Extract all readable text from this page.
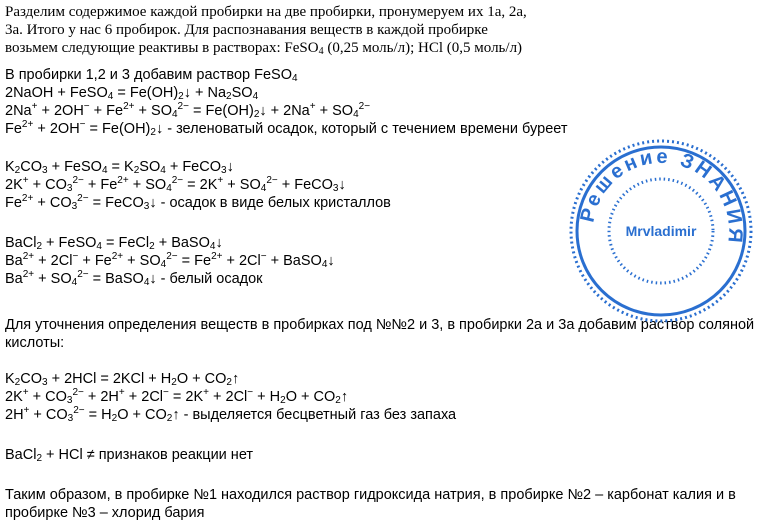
Разделим содержимое каждой пробирки на две пробирки, пронумеруем их 1а, 2а,
3а. Итого у нас 6 пробирок. Для распознавания веществ в каждой пробирке
возьмем следующие реактивы в растворах: FeSO$_4$ (0,25 моль/л); HCl (0,5 моль/л)
В пробирки 1,2 и 3 добавим раствор FeSO$_4$
2NaOH + FeSO$_4$ = $Fe(OH)_2↓ + Na_2SO_4$
$2Na^+ + 2OH^- + Fe^{2+} + SO_4^{2-}$ = $Fe(OH)_2↓ + 2Na^+ + SO_4^{2-}$
$Fe^{2+} + 2OH^-$ = $Fe(OH)_2↓$ - зеленоватый осадок, который с течением времени буреет
$K_2CO_3$ + FeSO$_4$ = $K_2SO_4$ + FeCO$_3$↓
$2K^+ + CO_3^{2-} + Fe^{2+} + SO_4^{2-} = 2K^+ + SO_4^{2-}$ + FeCO$_3$↓
$Fe^{2+} + CO_3^{2-}$ = FeCO$_3$↓ - осадок в виде белых кристаллов
BaCl$_2$ + FeSO$_4$ = FeCl$_2$ + BaSO$_4$↓
$Ba^{2+} + 2Cl^- + Fe^{2+} + SO_4^{2-} = Fe^{2+} + 2Cl^-$ + BaSO$_4$↓
$Ba^{2+} + SO_4^{2-}$ = BaSO$_4$↓ - белый осадок
Для уточнения определения веществ в пробирках под №№2 и 3, в пробирки 2а и 3а добавим раствор соляной
кислоты:
$K_2CO_3 + 2HCl = 2KCl + H_2O$ + $CO_2↑$
$2K^+ + CO_3^{2-} + 2H^+ + 2Cl^- = 2K^+ + 2Cl^- + H_2O$ + $CO_2↑$
$2H^+ + CO_3^{2-} = H_2O$ + $CO_2↑$ - выделяется бесцветный газ без запаха
BaCl$_2$ + HCl ≠ признаков реакции нет
Таким образом, в пробирке №1 находился раствор гидроксида натрия, в пробирке №2 – карбонат калия и в
пробирке №3 – хлорид бария
Решение ЗНАНИЯ
Mrvladimir
